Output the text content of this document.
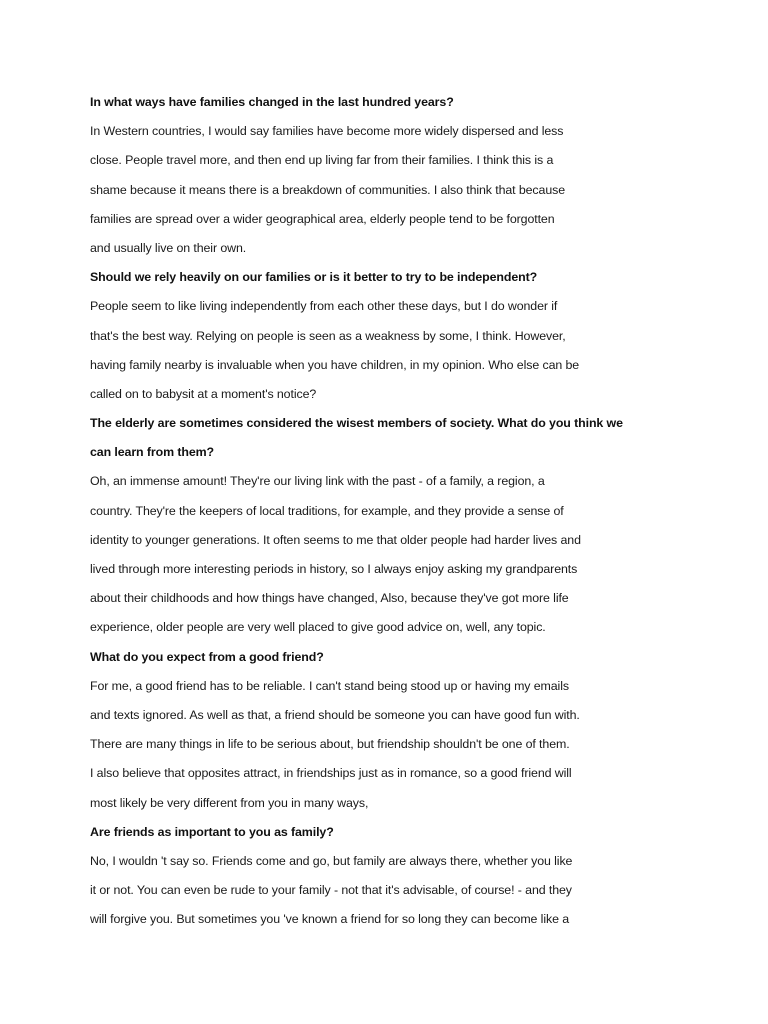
In what ways have families changed in the last hundred years?
In Western countries, I would say families have become more widely dispersed and less
close. People travel more, and then end up living far from their families. I think this is a
shame because it means there is a breakdown of communities. I also think that because
families are spread over a wider geographical area, elderly people tend to be forgotten
and usually live on their own.
Should we rely heavily on our families or is it better to try to be independent?
People seem to like living independently from each other these days, but I do wonder if
that's the best way. Relying on people is seen as a weakness by some, I think. However,
having family nearby is invaluable when you have children, in my opinion. Who else can be
called on to babysit at a moment's notice?
The elderly are sometimes considered the wisest members of society. What do you think we
can learn from them?
Oh, an immense amount! They're our living link with the past - of a family, a region, a
country. They're the keepers of local traditions, for example, and they provide a sense of
identity to younger generations. It often seems to me that older people had harder lives and
lived through more interesting periods in history, so I always enjoy asking my grandparents
about their childhoods and how things have changed, Also, because they've got more life
experience, older people are very well placed to give good advice on, well, any topic.
What do you expect from a good friend?
For me, a good friend has to be reliable. I can't stand being stood up or having my emails
and texts ignored. As well as that, a friend should be someone you can have good fun with.
There are many things in life to be serious about, but friendship shouldn't be one of them.
I also believe that opposites attract, in friendships just as in romance, so a good friend will
most likely be very different from you in many ways,
Are friends as important to you as family?
No, I wouldn 't say so. Friends come and go, but family are always there, whether you like
it or not. You can even be rude to your family - not that it's advisable, of course! - and they
will forgive you. But sometimes you 've known a friend for so long they can become like a
